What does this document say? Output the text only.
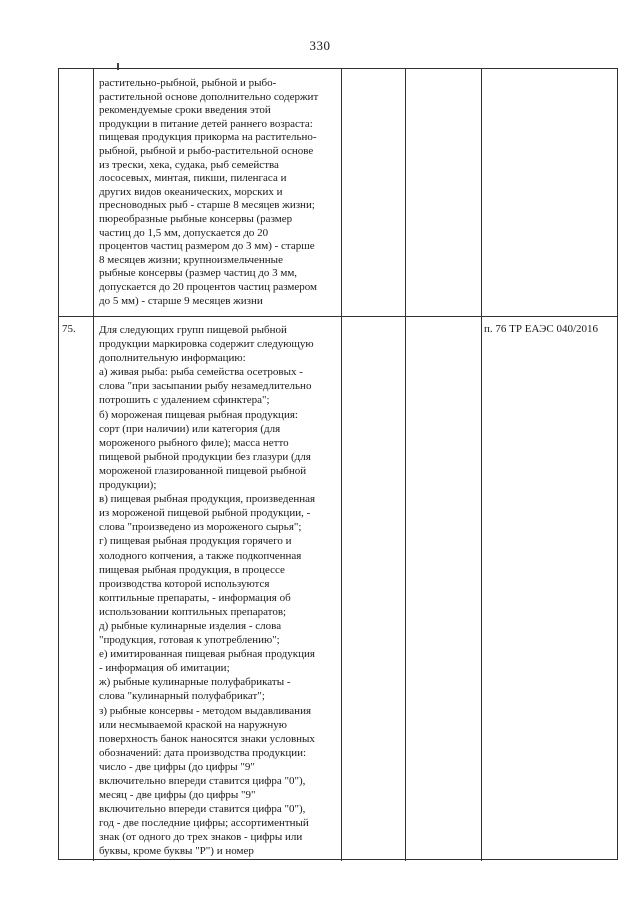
330
растительно-рыбной, рыбной и рыбо-
растительной основе дополнительно содержит
рекомендуемые сроки введения этой
продукции в питание детей раннего возраста:
пищевая продукция прикорма на растительно-
рыбной, рыбной и рыбо-растительной основе
из трески, хека, судака, рыб семейства
лососевых, минтая, пикши, пиленгаса и
других видов океанических, морских и
пресноводных рыб - старше 8 месяцев жизни;
пюреобразные рыбные консервы (размер
частиц до 1,5 мм, допускается до 20
процентов частиц размером до 3 мм) - старше
8 месяцев жизни; крупноизмельченные
рыбные консервы (размер частиц до 3 мм,
допускается до 20 процентов частиц размером
до 5 мм) - старше 9 месяцев жизни
75. Для следующих групп пищевой рыбной
продукции маркировка содержит следующую
дополнительную информацию:
а) живая рыба: рыба семейства осетровых -
слова "при засыпании рыбу незамедлительно
потрошить с удалением сфинктера";
б) мороженая пищевая рыбная продукция:
сорт (при наличии) или категория (для
мороженого рыбного филе); масса нетто
пищевой рыбной продукции без глазури (для
мороженой глазированной пищевой рыбной
продукции);
в) пищевая рыбная продукция, произведенная
из мороженой пищевой рыбной продукции, -
слова "произведено из мороженого сырья";
г) пищевая рыбная продукция горячего и
холодного копчения, а также подкопченная
пищевая рыбная продукция, в процессе
производства которой используются
коптильные препараты, - информация об
использовании коптильных препаратов;
д) рыбные кулинарные изделия - слова
"продукция, готовая к употреблению";
е) имитированная пищевая рыбная продукция
- информация об имитации;
ж) рыбные кулинарные полуфабрикаты -
слова "кулинарный полуфабрикат";
з) рыбные консервы - методом выдавливания
или несмываемой краской на наружную
поверхность банок наносятся знаки условных
обозначений: дата производства продукции:
число - две цифры (до цифры "9"
включительно впереди ставится цифра "0"),
месяц - две цифры (до цифры "9"
включительно впереди ставится цифра "0"),
год - две последние цифры; ассортиментный
знак (от одного до трех знаков - цифры или
буквы, кроме буквы "Р") и номер
п. 76 ТР ЕАЭС 040/2016
